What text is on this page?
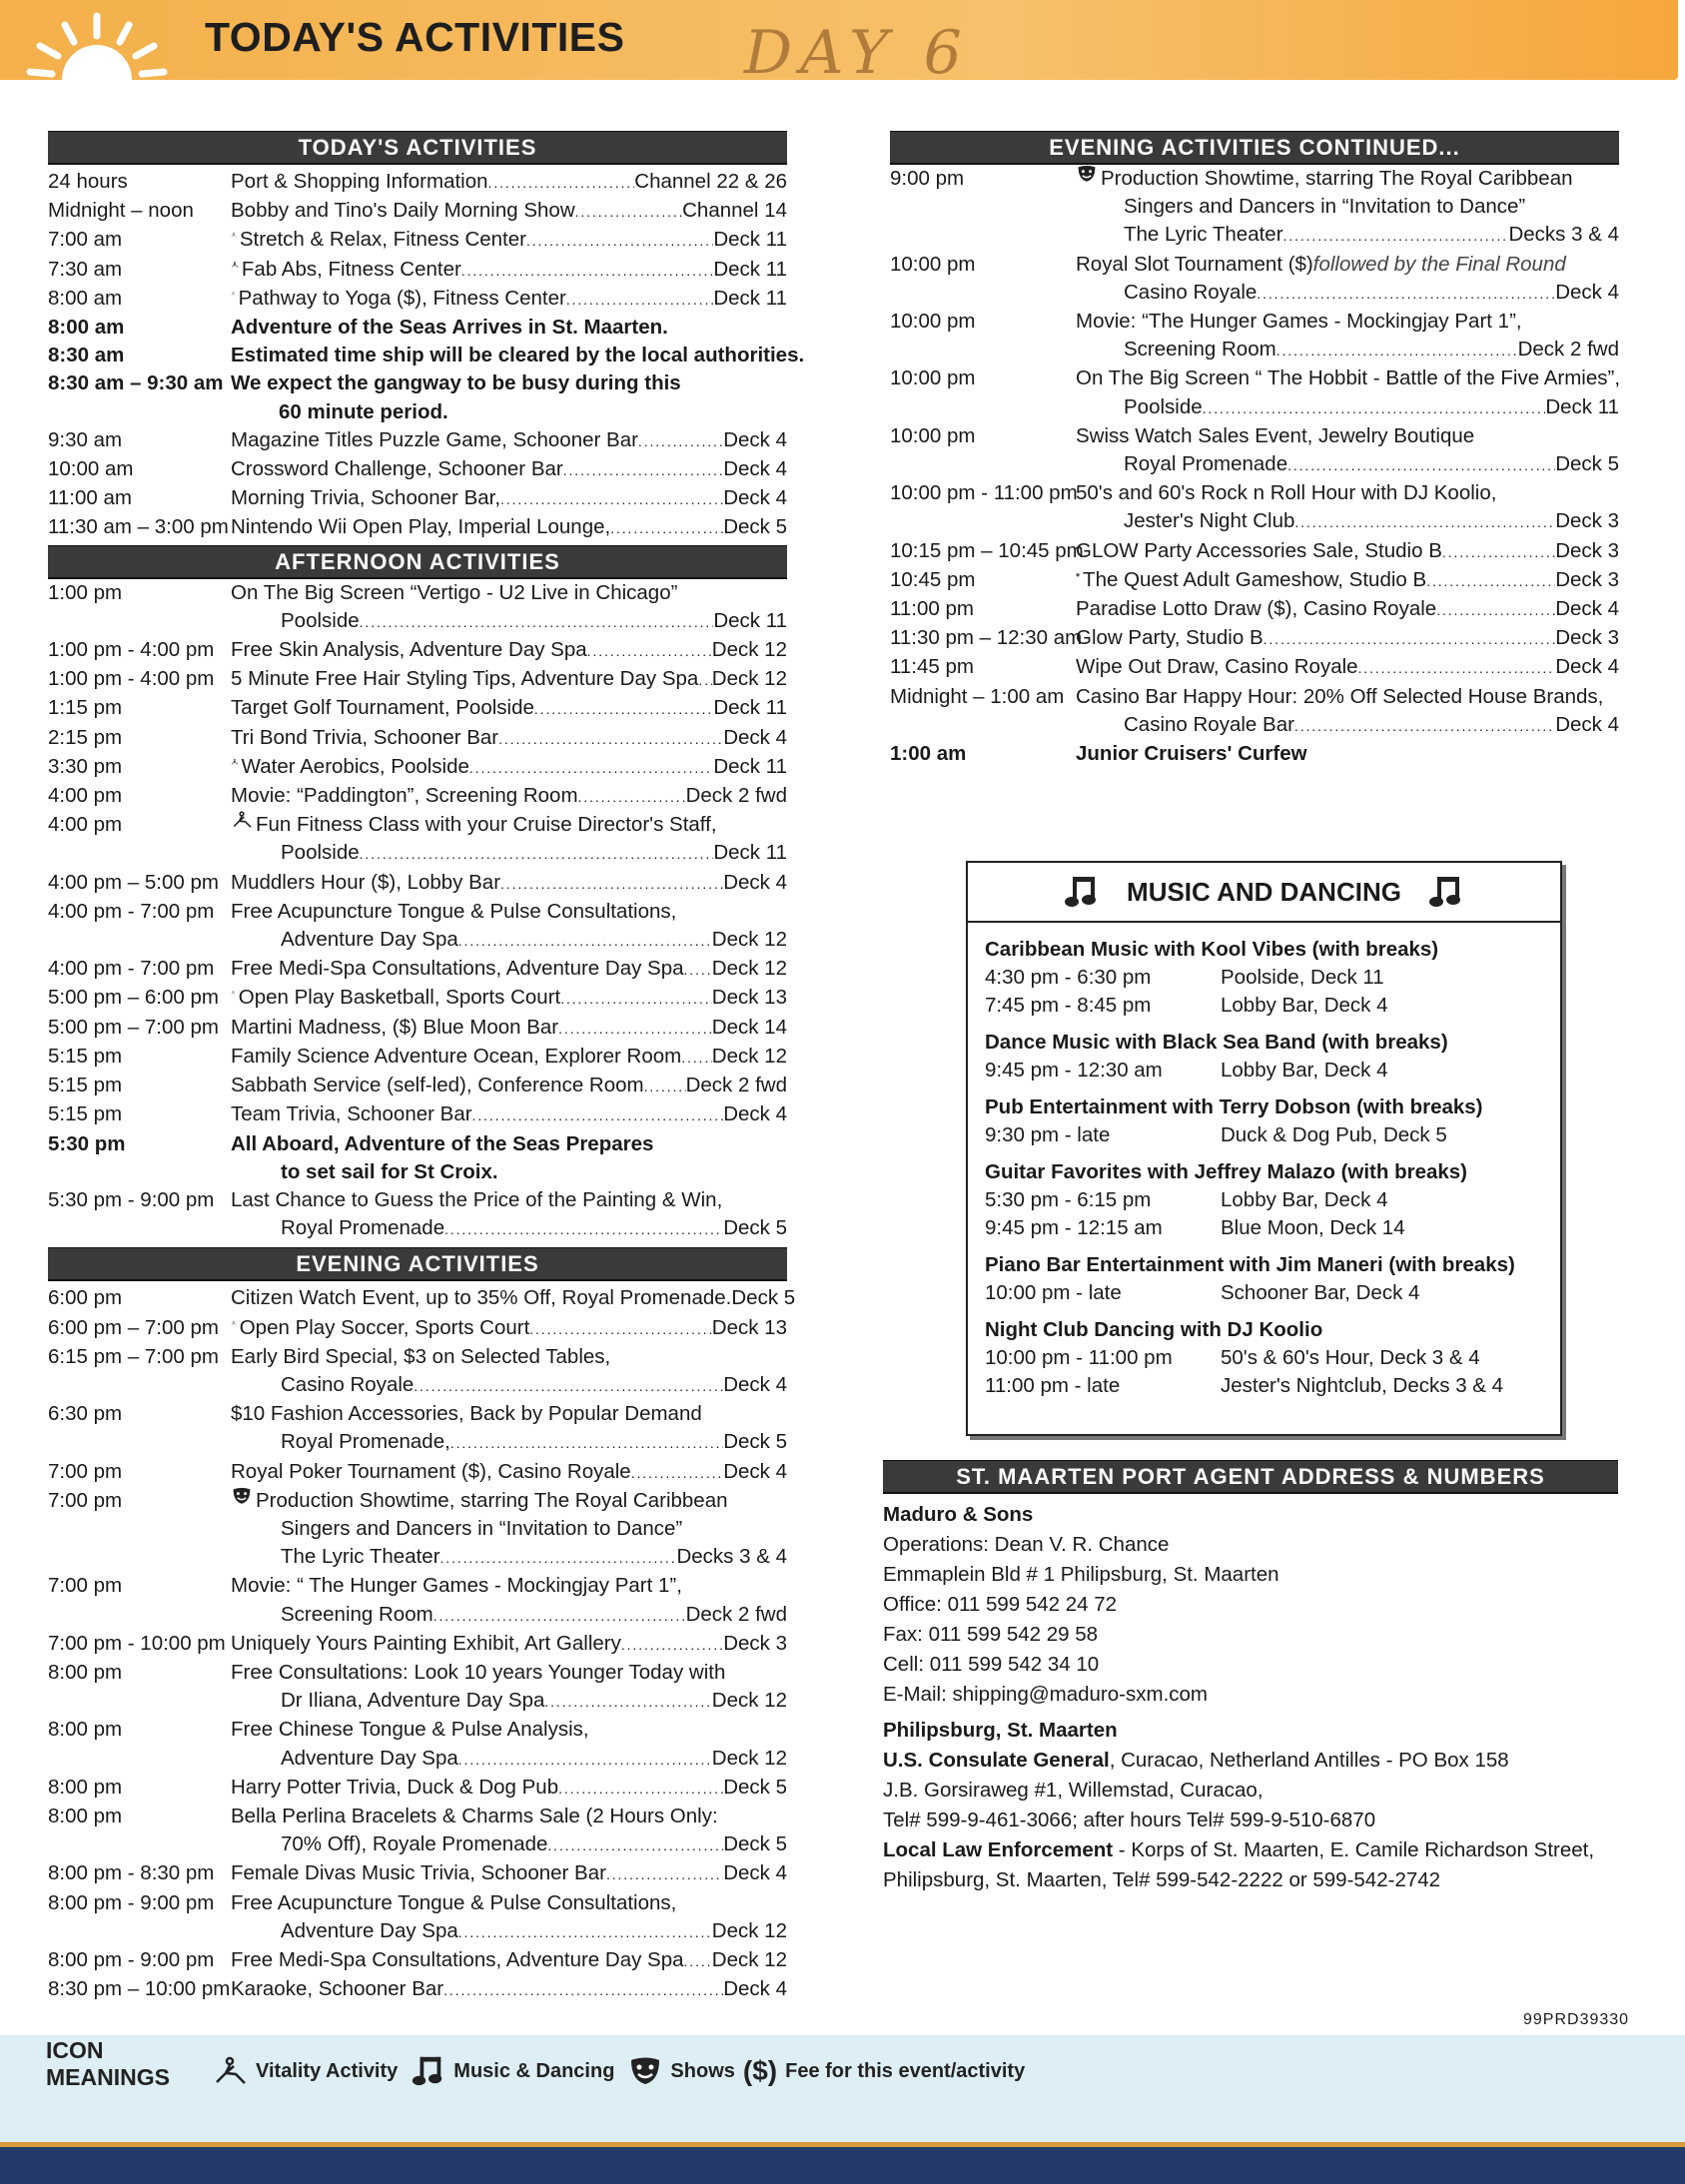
TODAY'S ACTIVITIES DAY 6
TODAY'S ACTIVITIES
24 hours	Port & Shopping Information . . .	Channel 22 & 26
Midnight – noon	Bobby and Tino's Daily Morning Show . . .	Channel 14
7:00 am	Stretch & Relax, Fitness Center . . .	Deck 11
7:30 am	Fab Abs, Fitness Center . . .	Deck 11
8:00 am	Pathway to Yoga ($), Fitness Center . . .	Deck 11
8:00 am	Adventure of the Seas Arrives in St. Maarten.
8:30 am	Estimated time ship will be cleared by the local authorities.
8:30 am – 9:30 am We expect the gangway to be busy during this
60 minute period.
9:30 am	Magazine Titles Puzzle Game, Schooner Bar . . .	Deck 4
10:00 am	Crossword Challenge, Schooner Bar . . .	Deck 4
11:00 am	Morning Trivia, Schooner Bar, . . .	Deck 4
11:30 am – 3:00 pm Nintendo Wii Open Play, Imperial Lounge, . . .	Deck 5
AFTERNOON ACTIVITIES
1:00 pm	On The Big Screen “Vertigo - U2 Live in Chicago”
Poolside . . .	Deck 11
1:00 pm - 4:00 pm Free Skin Analysis, Adventure Day Spa . . .	Deck 12
1:00 pm - 4:00 pm 5 Minute Free Hair Styling Tips, Adventure Day Spa . . . Deck 12
1:15 pm	Target Golf Tournament, Poolside . . .	Deck 11
2:15 pm	Tri Bond Trivia, Schooner Bar . . .	Deck 4
3:30 pm	Water Aerobics, Poolside . . .	Deck 11
4:00 pm	Movie: “Paddington”, Screening Room . . .	Deck 2 fwd
4:00 pm	Fun Fitness Class with your Cruise Director's Staff,
Poolside . . .	Deck 11
4:00 pm – 5:00 pm Muddlers Hour ($), Lobby Bar . . .	Deck 4
4:00 pm - 7:00 pm Free Acupuncture Tongue & Pulse Consultations,
Adventure Day Spa . . .	Deck 12
4:00 pm - 7:00 pm Free Medi-Spa Consultations, Adventure Day Spa . . . Deck 12
5:00 pm – 6:00 pm Open Play Basketball, Sports Court . . .	Deck 13
5:00 pm – 7:00 pm Martini Madness, ($) Blue Moon Bar . . .	Deck 14
5:15 pm	Family Science Adventure Ocean, Explorer Room . . . Deck 12
5:15 pm	Sabbath Service (self-led), Conference Room . . . Deck 2 fwd
5:15 pm	Team Trivia, Schooner Bar . . .	Deck 4
5:30 pm	All Aboard, Adventure of the Seas Prepares
to set sail for St Croix.
5:30 pm - 9:00 pm Last Chance to Guess the Price of the Painting & Win,
Royal Promenade . . .	Deck 5
EVENING ACTIVITIES
6:00 pm	Citizen Watch Event, up to 35% Off, Royal Promenade. Deck 5
6:00 pm – 7:00 pm	Open Play Soccer, Sports Court . . .	Deck 13
6:15 pm – 7:00 pm Early Bird Special, $3 on Selected Tables,
Casino Royale . . .	Deck 4
6:30 pm	$10 Fashion Accessories, Back by Popular Demand
Royal Promenade, . . .	Deck 5
7:00 pm	Royal Poker Tournament ($), Casino Royale . . .	Deck 4
7:00 pm	Production Showtime, starring The Royal Caribbean
Singers and Dancers in “Invitation to Dance”
The Lyric Theater . . .	Decks 3 & 4
7:00 pm	Movie: “ The Hunger Games - Mockingjay Part 1”,
Screening Room . . .	Deck 2 fwd
7:00 pm - 10:00 pm Uniquely Yours Painting Exhibit, Art Gallery . . .	Deck 3
8:00 pm	Free Consultations: Look 10 years Younger Today with
Dr Iliana, Adventure Day Spa . . .	Deck 12
8:00 pm	Free Chinese Tongue & Pulse Analysis,
Adventure Day Spa . . .	Deck 12
8:00 pm	Harry Potter Trivia, Duck & Dog Pub . . .	Deck 5
8:00 pm	Bella Perlina Bracelets & Charms Sale (2 Hours Only:
70% Off), Royale Promenade . . .	Deck 5
8:00 pm - 8:30 pm Female Divas Music Trivia, Schooner Bar . . .	Deck 4
8:00 pm - 9:00 pm Free Acupuncture Tongue & Pulse Consultations,
Adventure Day Spa . . .	Deck 12
8:00 pm - 9:00 pm Free Medi-Spa Consultations, Adventure Day Spa . . . Deck 12
8:30 pm – 10:00 pm Karaoke, Schooner Bar . . .	Deck 4
EVENING ACTIVITIES CONTINUED...
9:00 pm	Production Showtime, starring The Royal Caribbean
Singers and Dancers in “Invitation to Dance”
The Lyric Theater . . .	Decks 3 & 4
10:00 pm	Royal Slot Tournament ($) followed by the Final Round
Casino Royale . . .	Deck 4
10:00 pm	Movie: “The Hunger Games - Mockingjay Part 1”,
Screening Room . . .	Deck 2 fwd
10:00 pm	On The Big Screen “ The Hobbit - Battle of the Five Armies”,
Poolside . . .	Deck 11
10:00 pm	Swiss Watch Sales Event, Jewelry Boutique
Royal Promenade . . .	Deck 5
10:00 pm - 11:00 pm
50's and 60's Rock n Roll Hour with DJ Koolio,
Jester's Night Club . . .	Deck 3
10:15 pm – 10:45 pm
GLOW Party Accessories Sale, Studio B . . .	Deck 3
10:45 pm	The Quest Adult Gameshow, Studio B . . .	Deck 3
11:00 pm	Paradise Lotto Draw ($), Casino Royale . . .	Deck 4
11:30 pm – 12:30 am
Glow Party, Studio B . . .	Deck 3
11:45 pm	Wipe Out Draw, Casino Royale . . .	Deck 4
Midnight – 1:00 am Casino Bar Happy Hour: 20% Off Selected House Brands,
Casino Royale Bar . . .	Deck 4
1:00 am	Junior Cruisers' Curfew
MUSIC AND DANCING
Caribbean Music with Kool Vibes (with breaks)
4:30 pm - 6:30 pm	Poolside, Deck 11
7:45 pm - 8:45 pm	Lobby Bar, Deck 4
Dance Music with Black Sea Band (with breaks)
9:45 pm - 12:30 am	Lobby Bar, Deck 4
Pub Entertainment with Terry Dobson (with breaks)
9:30 pm - late	Duck & Dog Pub, Deck 5
Guitar Favorites with Jeffrey Malazo (with breaks)
5:30 pm - 6:15 pm	Lobby Bar, Deck 4
9:45 pm - 12:15 am	Blue Moon, Deck 14
Piano Bar Entertainment with Jim Maneri (with breaks)
10:00 pm - late	Schooner Bar, Deck 4
Night Club Dancing with DJ Koolio
10:00 pm - 11:00 pm	50's & 60's Hour, Deck 3 & 4
11:00 pm - late	Jester's Nightclub, Decks 3 & 4
ST. MAARTEN PORT AGENT ADDRESS & NUMBERS

Maduro & Sons

Operations: Dean V. R. Chance

Emmaplein Bld # 1 Philipsburg, St. Maarten

Office: 011 599 542 24 72

Fax: 011 599 542 29 58

Cell: 011 599 542 34 10

E-Mail: shipping@maduro-sxm.com

Philipsburg, St. Maarten

U.S. Consulate General, Curacao, Netherland Antilles - PO Box 158

J.B. Gorsiraweg #1, Willemstad, Curacao,

Tel# 599-9-461-3066; after hours Tel# 599-9-510-6870

Local Law Enforcement - Korps of St. Maarten, E. Camile Richardson Street,

Philipsburg, St. Maarten, Tel# 599-542-2222 or 599-542-2742

99PRD39330
ICON
MEANINGS	Vitality Activity	Music & Dancing	Shows ($) Fee for this event/activity
